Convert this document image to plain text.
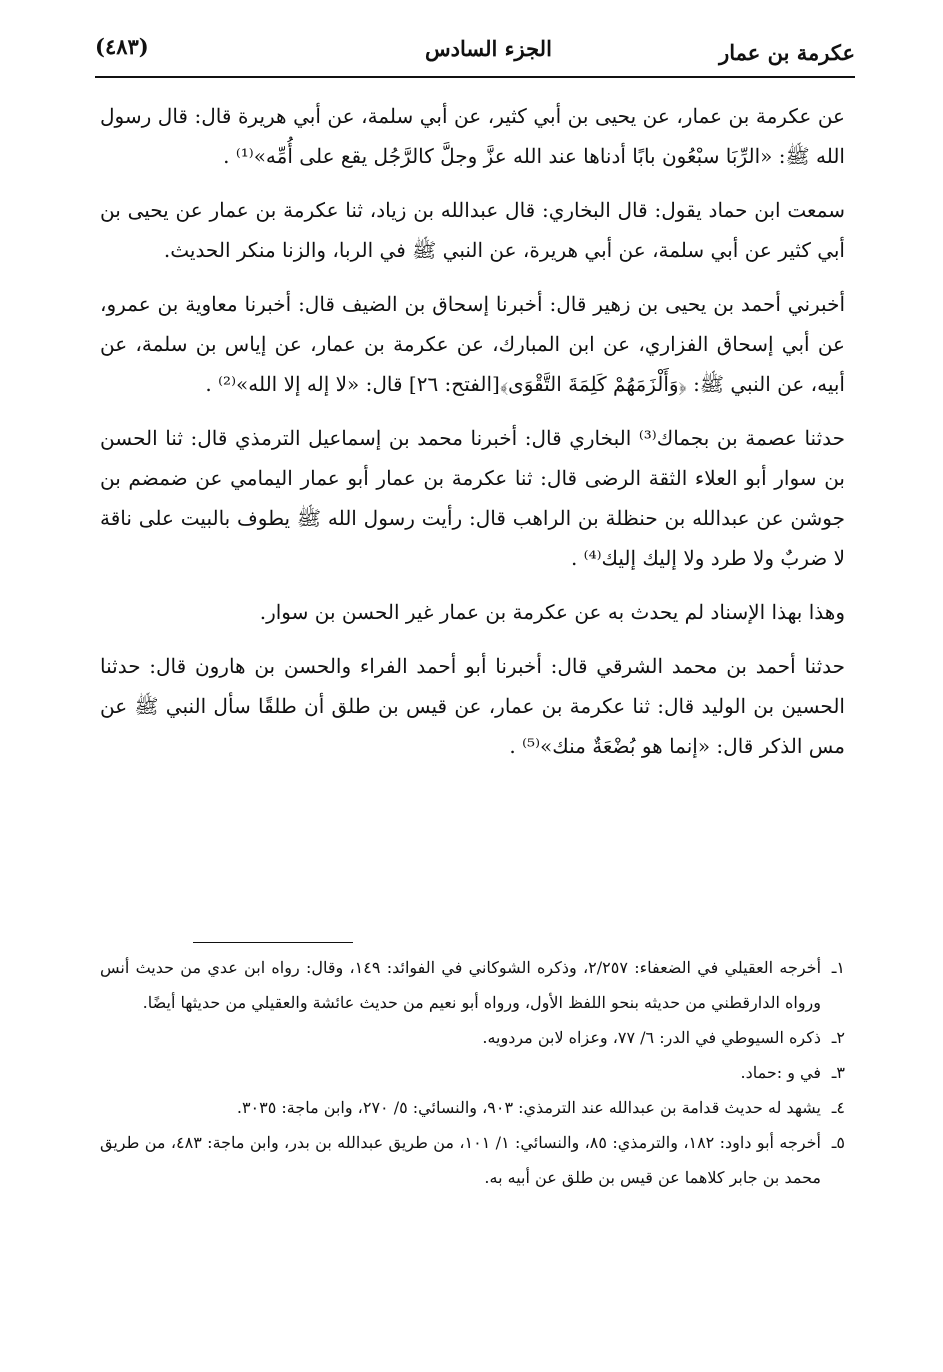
عكرمة بن عمار
الجزء السادس
(٤٨٣)

عن عكرمة بن عمار، عن يحيى بن أبي كثير، عن أبي سلمة، عن أبي هريرة قال: قال رسول الله ﷺ: «الرِّبَا سبْعُون بابًا أدناها عند الله عزَّ وجلَّ كالرَّجُل يقع على أُمِّه»⁽¹⁾ .

سمعت ابن حماد يقول: قال البخاري: قال عبدالله بن زياد، ثنا عكرمة بن عمار عن يحيى بن أبي كثير عن أبي سلمة، عن أبي هريرة، عن النبي ﷺ في الربا، والزنا منكر الحديث.

أخبرني أحمد بن يحيى بن زهير قال: أخبرنا إسحاق بن الضيف قال: أخبرنا معاوية بن عمرو، عن أبي إسحاق الفزاري، عن ابن المبارك، عن عكرمة بن عمار، عن إياس بن سلمة، عن أبيه، عن النبي ﷺ: ﴿وَأَلْزَمَهُمْ كَلِمَةَ التَّقْوَى﴾[الفتح: ٢٦] قال: «لا إله إلا الله»⁽²⁾ .

حدثنا عصمة بن بجماك⁽³⁾ البخاري قال: أخبرنا محمد بن إسماعيل الترمذي قال: ثنا الحسن بن سوار أبو العلاء الثقة الرضى قال: ثنا عكرمة بن عمار أبو عمار اليمامي عن ضمضم بن جوشن عن عبدالله بن حنظلة بن الراهب قال: رأيت رسول الله ﷺ يطوف بالبيت على ناقة لا ضربٌ ولا طرد ولا إليك إليك⁽⁴⁾ .

وهذا بهذا الإسناد لم يحدث به عن عكرمة بن عمار غير الحسن بن سوار.

حدثنا أحمد بن محمد الشرقي قال: أخبرنا أبو أحمد الفراء والحسن بن هارون قال: حدثنا الحسين بن الوليد قال: ثنا عكرمة بن عمار، عن قيس بن طلق أن طلقًا سأل النبي ﷺ عن مس الذكر قال: «إنما هو بُضْعَةٌ منك»⁽⁵⁾ .

١ـأخرجه العقيلي في الضعفاء: ٢/٢٥٧، وذكره الشوكاني في الفوائد: ١٤٩، وقال: رواه ابن عدي من حديث أنس ورواه الدارقطني من حديثه بنحو اللفظ الأول، ورواه أبو نعيم من حديث عائشة والعقيلي من حديثها أيضًا.

٢ـذكره السيوطي في الدر: ٦/ ٧٧، وعزاه لابن مردويه.

٣ـفي و :حماد.

٤ـيشهد له حديث قدامة بن عبدالله عند الترمذي: ٩٠٣، والنسائي: ٥/ ٢٧٠، وابن ماجة: ٣٠٣٥.

٥ـأخرجه أبو داود: ١٨٢، والترمذي: ٨٥، والنسائي: ١/ ١٠١، من طريق عبدالله بن بدر، وابن ماجة: ٤٨٣، من طريق محمد بن جابر كلاهما عن قيس بن طلق عن أبيه به.
